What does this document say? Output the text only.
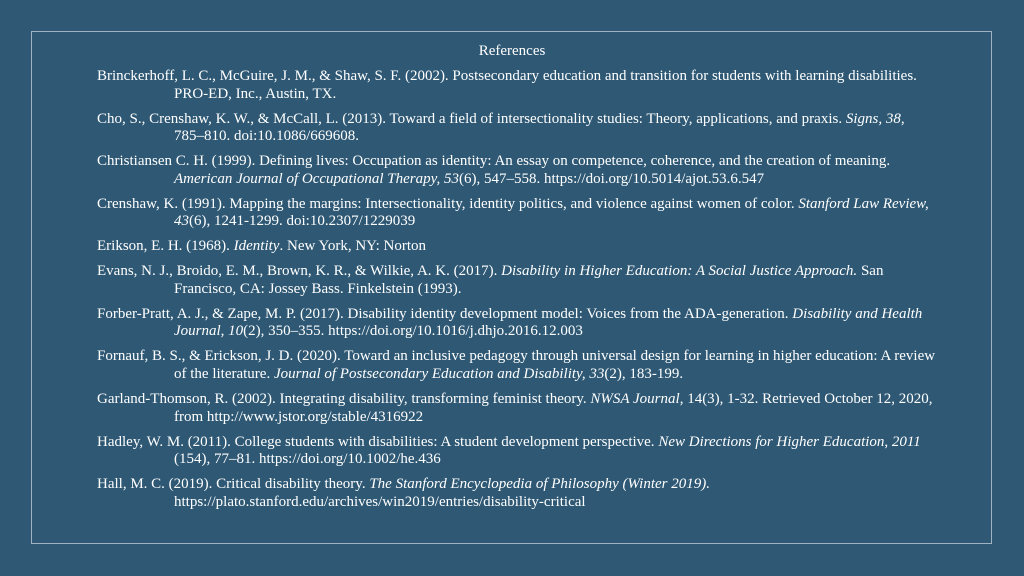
References
Brinckerhoff, L. C., McGuire, J. M., & Shaw, S. F. (2002). Postsecondary education and transition for students with learning disabilities. PRO-ED, Inc., Austin, TX.
Cho, S., Crenshaw, K. W., & McCall, L. (2013). Toward a field of intersectionality studies: Theory, applications, and praxis. Signs, 38, 785–810. doi:10.1086/669608.
Christiansen C. H. (1999). Defining lives: Occupation as identity: An essay on competence, coherence, and the creation of meaning. American Journal of Occupational Therapy, 53(6), 547–558. https://doi.org/10.5014/ajot.53.6.547
Crenshaw, K. (1991). Mapping the margins: Intersectionality, identity politics, and violence against women of color. Stanford Law Review, 43(6), 1241-1299. doi:10.2307/1229039
Erikson, E. H. (1968). Identity. New York, NY: Norton
Evans, N. J., Broido, E. M., Brown, K. R., & Wilkie, A. K. (2017). Disability in Higher Education: A Social Justice Approach. San Francisco, CA: Jossey Bass. Finkelstein (1993).
Forber-Pratt, A. J., & Zape, M. P. (2017). Disability identity development model: Voices from the ADA-generation. Disability and Health Journal, 10(2), 350–355. https://doi.org/10.1016/j.dhjo.2016.12.003
Fornauf, B. S., & Erickson, J. D. (2020). Toward an inclusive pedagogy through universal design for learning in higher education: A review of the literature. Journal of Postsecondary Education and Disability, 33(2), 183-199.
Garland-Thomson, R. (2002). Integrating disability, transforming feminist theory. NWSA Journal, 14(3), 1-32. Retrieved October 12, 2020, from http://www.jstor.org/stable/4316922
Hadley, W. M. (2011). College students with disabilities: A student development perspective. New Directions for Higher Education, 2011 (154), 77–81. https://doi.org/10.1002/he.436
Hall, M. C. (2019). Critical disability theory. The Stanford Encyclopedia of Philosophy (Winter 2019). https://plato.stanford.edu/archives/win2019/entries/disability-critical
